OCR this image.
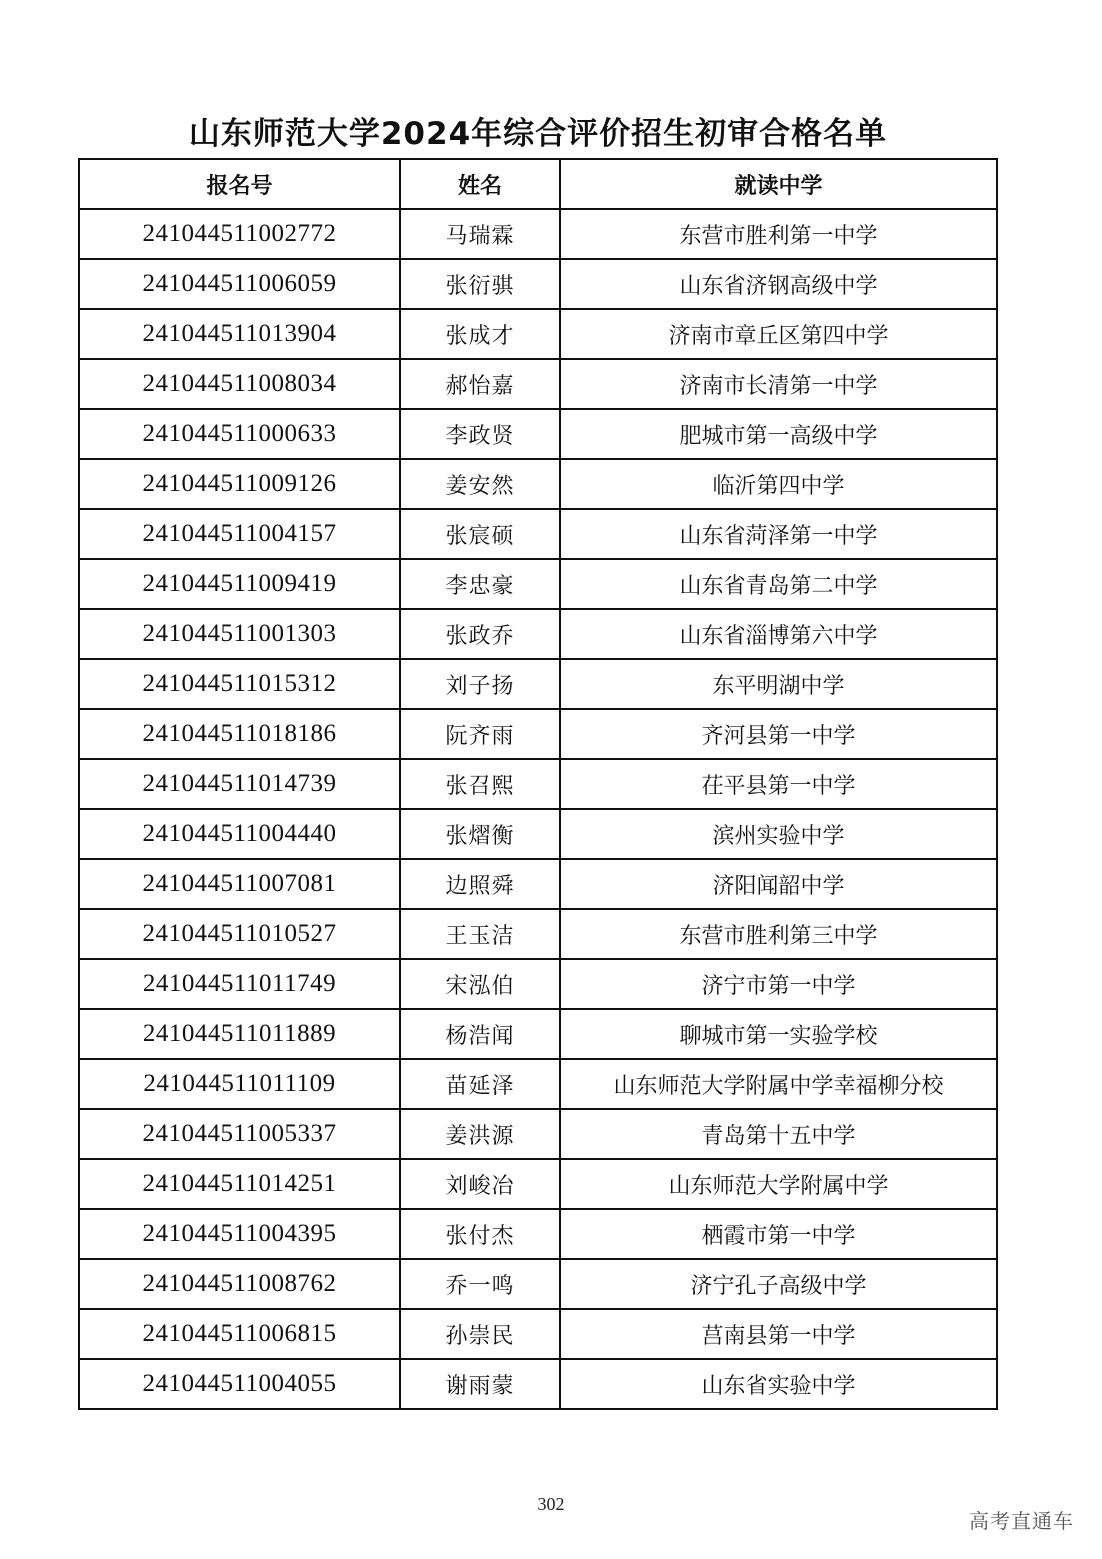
山东师范大学2024年综合评价招生初审合格名单
报名号	姓名	就读中学
241044511002772	马瑞霖	东营市胜利第一中学
241044511006059	张衍骐	山东省济钢高级中学
241044511013904	张成才	济南市章丘区第四中学
241044511008034	郝怡嘉	济南市长清第一中学
241044511000633	李政贤	肥城市第一高级中学
241044511009126	姜安然	临沂第四中学
241044511004157	张宸硕	山东省菏泽第一中学
241044511009419	李忠豪	山东省青岛第二中学
241044511001303	张政乔	山东省淄博第六中学
241044511015312	刘子扬	东平明湖中学
241044511018186	阮齐雨	齐河县第一中学
241044511014739	张召熙	茌平县第一中学
241044511004440	张熠衡	滨州实验中学
241044511007081	边照舜	济阳闻韶中学
241044511010527	王玉洁	东营市胜利第三中学
241044511011749	宋泓伯	济宁市第一中学
241044511011889	杨浩闻	聊城市第一实验学校
241044511011109	苗延泽	山东师范大学附属中学幸福柳分校
241044511005337	姜洪源	青岛第十五中学
241044511014251	刘峻冶	山东师范大学附属中学
241044511004395	张付杰	栖霞市第一中学
241044511008762	乔一鸣	济宁孔子高级中学
241044511006815	孙崇民	莒南县第一中学
241044511004055	谢雨蒙	山东省实验中学
302
高考直通车
